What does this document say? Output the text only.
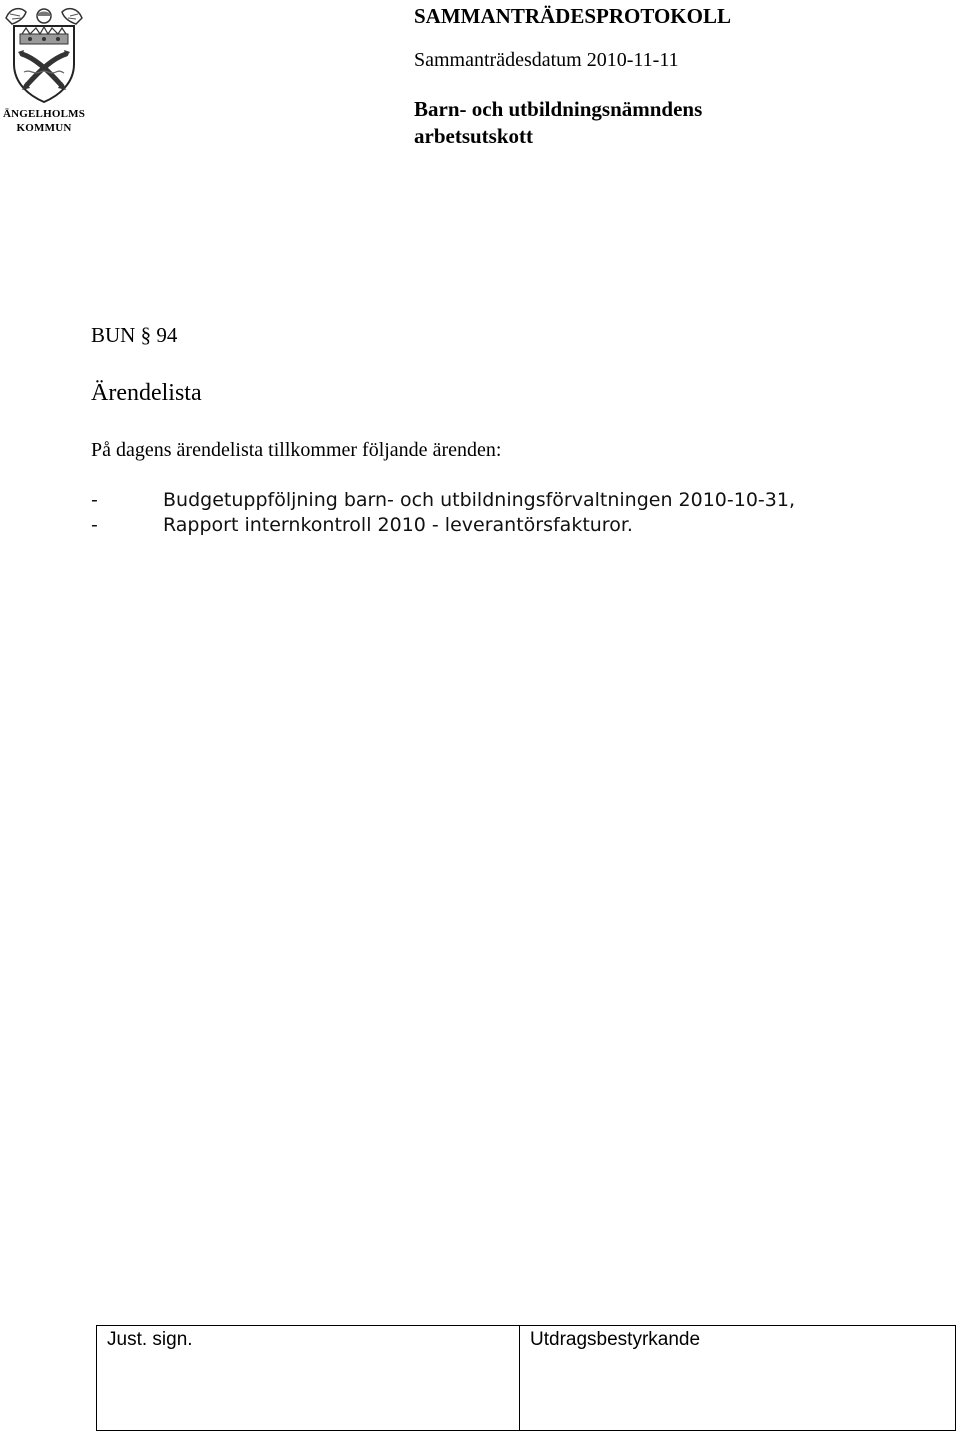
ÄNGELHOLMS
KOMMUN

SAMMANTRÄDESPROTOKOLL

Sammanträdesdatum 2010-11-11

Barn- och utbildningsnämndens arbetsutskott

BUN § 94
Ärendelista
På dagens ärendelista tillkommer följande ärenden:
-	Budgetuppföljning barn- och utbildningsförvaltningen 2010-10-31,
-	Rapport internkontroll 2010 - leverantörsfakturor.
Just. sign.	Utdragsbestyrkande
